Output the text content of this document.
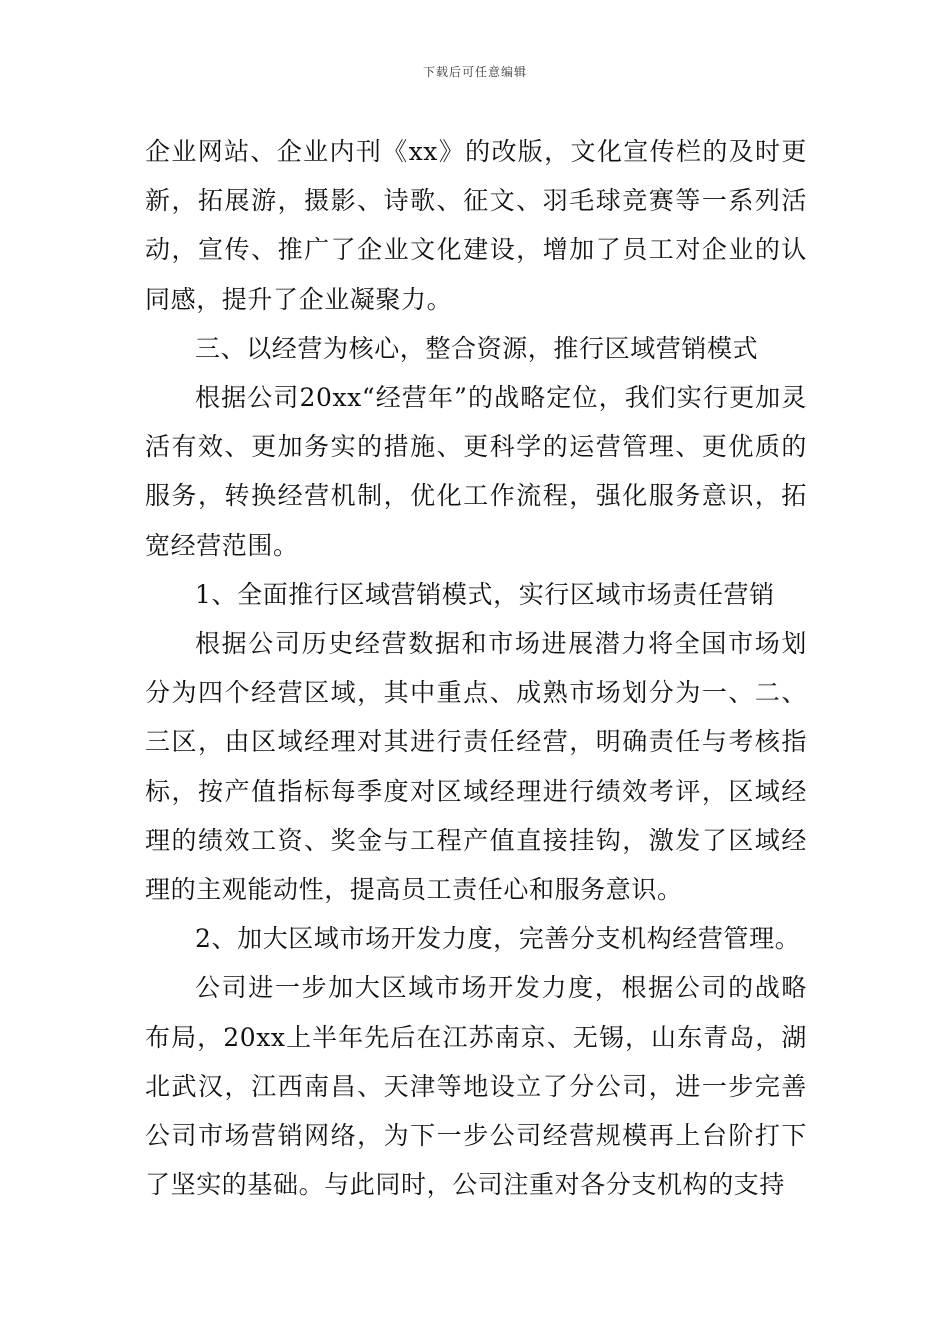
下载后可任意编辑

企业网站、企业内刊《xx》的改版，文化宣传栏的及时更新，拓展游，摄影、诗歌、征文、羽毛球竞赛等一系列活动，宣传、推广了企业文化建设，增加了员工对企业的认同感，提升了企业凝聚力。

三、以经营为核心，整合资源，推行区域营销模式

根据公司20xx“经营年”的战略定位，我们实行更加灵活有效、更加务实的措施、更科学的运营管理、更优质的服务，转换经营机制，优化工作流程，强化服务意识，拓宽经营范围。

1、全面推行区域营销模式，实行区域市场责任营销

根据公司历史经营数据和市场进展潜力将全国市场划分为四个经营区域，其中重点、成熟市场划分为一、二、三区，由区域经理对其进行责任经营，明确责任与考核指标，按产值指标每季度对区域经理进行绩效考评，区域经理的绩效工资、奖金与工程产值直接挂钩，激发了区域经理的主观能动性，提高员工责任心和服务意识。

2、加大区域市场开发力度，完善分支机构经营管理。

公司进一步加大区域市场开发力度，根据公司的战略布局，20xx上半年先后在江苏南京、无锡，山东青岛，湖北武汉，江西南昌、天津等地设立了分公司，进一步完善公司市场营销网络，为下一步公司经营规模再上台阶打下了坚实的基础。与此同时，公司注重对各分支机构的支持
